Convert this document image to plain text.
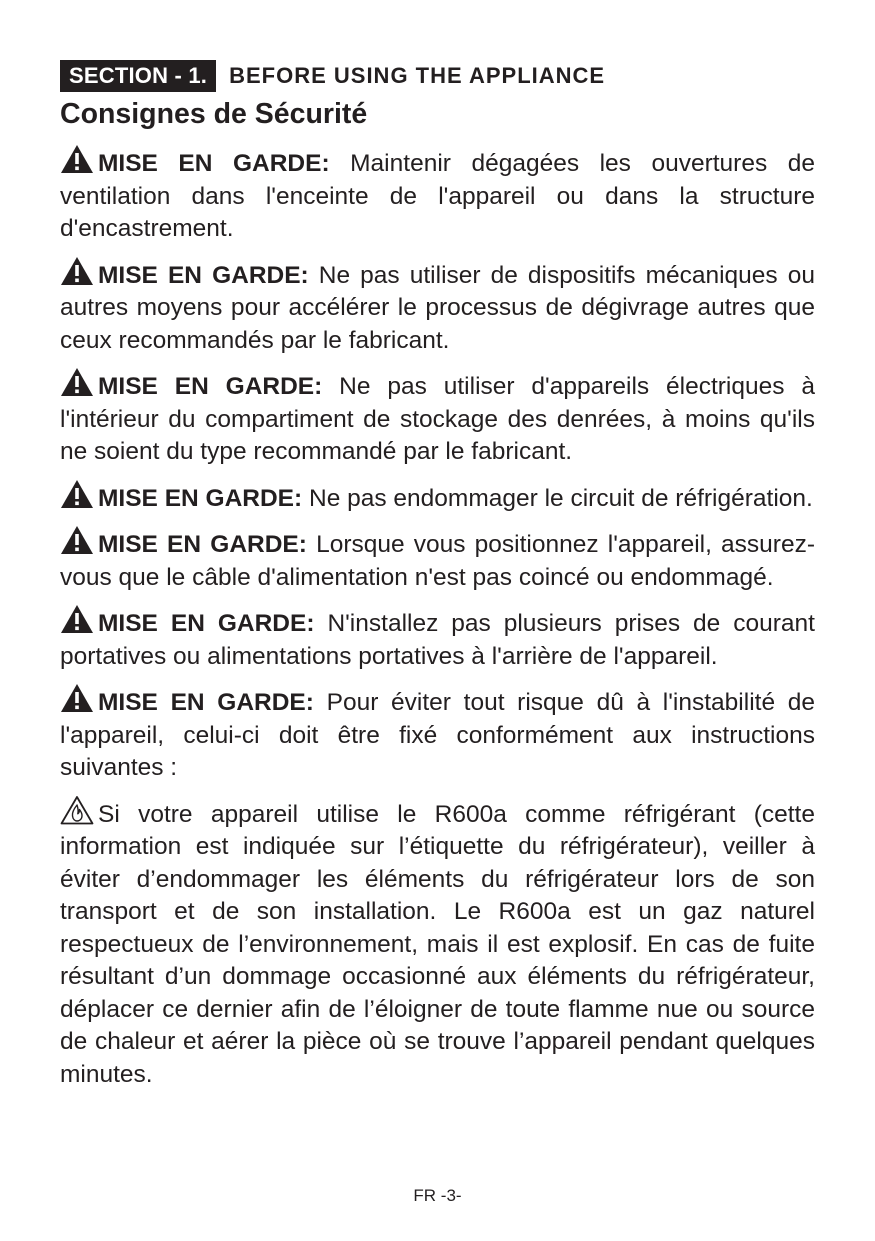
SECTION - 1.	BEFORE USING THE APPLIANCE
Consignes de Sécurité

MISE EN GARDE: Maintenir dégagées les ouvertures de ventilation dans l'enceinte de l'appareil ou dans la structure d'encastrement.

MISE EN GARDE: Ne pas utiliser de dispositifs mécaniques ou autres moyens pour accélérer le processus de dégivrage autres que ceux recommandés par le fabricant.

MISE EN GARDE: Ne pas utiliser d'appareils électriques à l'intérieur du compartiment de stockage des denrées, à moins qu'ils ne soient du type recommandé par le fabricant.

MISE EN GARDE: Ne pas endommager le circuit de réfrigération.

MISE EN GARDE: Lorsque vous positionnez l'appareil, assurez-vous que le câble d'alimentation n'est pas coincé ou endommagé.

MISE EN GARDE: N'installez pas plusieurs prises de courant portatives ou alimentations portatives à l'arrière de l'appareil.

MISE EN GARDE: Pour éviter tout risque dû à l'instabilité de l'appareil, celui-ci doit être fixé conformément aux instructions suivantes :

Si votre appareil utilise le R600a comme réfrigérant (cette information est indiquée sur l’étiquette du réfrigérateur), veiller à éviter d’endommager les éléments du réfrigérateur lors de son transport et de son installation. Le R600a est un gaz naturel respectueux de l’environnement, mais il est explosif. En cas de fuite résultant d’un dommage occasionné aux éléments du réfrigérateur, déplacer ce dernier afin de l’éloigner de toute flamme nue ou source de chaleur et aérer la pièce où se trouve l’appareil pendant quelques minutes.

FR -3-
